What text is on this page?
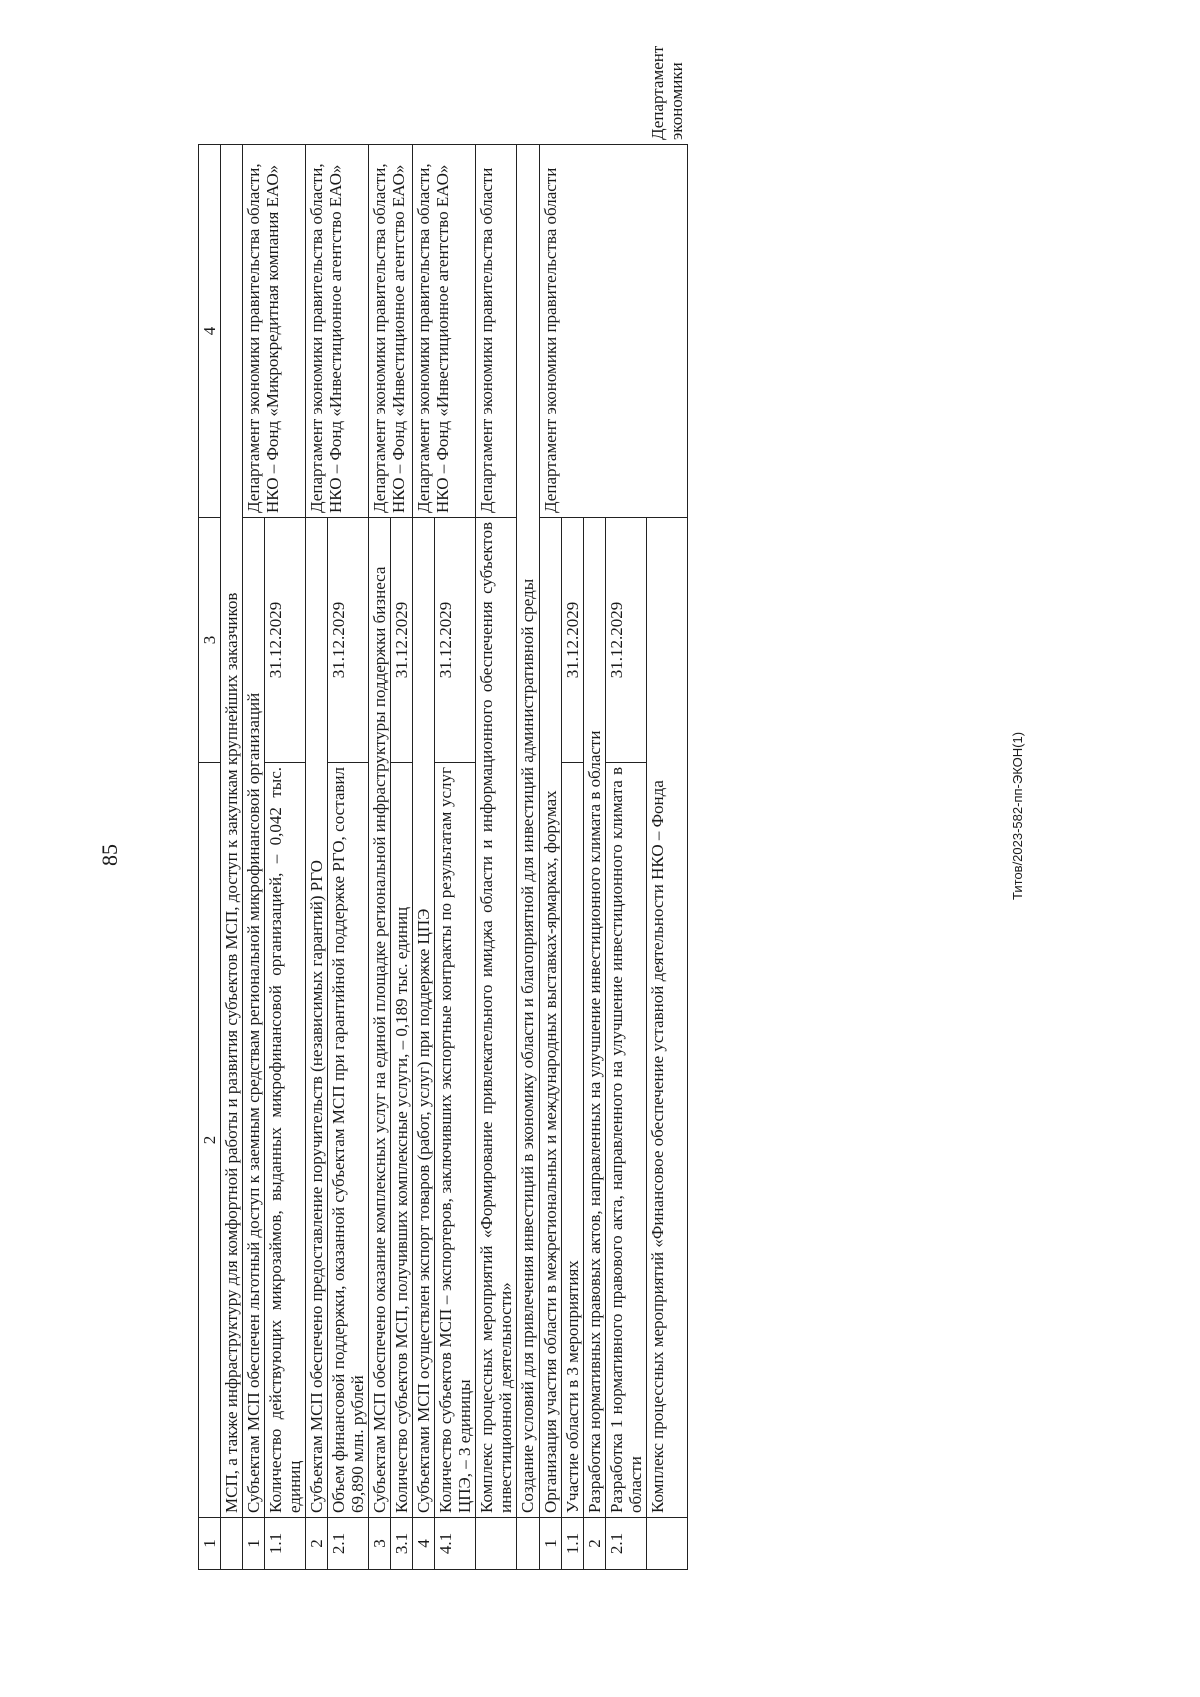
85	Титов/2023-582-пп-ЭКОН(1)
1	2	3	4	
	МСП, а также инфраструктуру для комфортной работы и развития субъектов МСП, доступ к закупкам крупнейших заказчиков			
1	Субъектам МСП обеспечен льготный доступ к заемным средствам региональной микрофинансовой организаций		Департамент экономики правительства области, НКО – Фонд «Микрокредитная компания ЕАО»	
1.1	Количество действующих микрозаймов, выданных микрофинансовой организацией, – 0,042 тыс. единиц	31.12.2029		
2	Субъектам МСП обеспечено предоставление поручительств (независимых гарантий) РГО		Департамент экономики правительства области, НКО – Фонд «Инвестиционное агентство ЕАО»	
2.1	Объем финансовой поддержки, оказанной субъектам МСП при гарантийной поддержке РГО, составил 69,890 млн. рублей	31.12.2029		
3	Субъектам МСП обеспечено оказание комплексных услуг на единой площадке региональной инфраструктуры поддержки бизнеса		Департамент экономики правительства области, НКО – Фонд «Инвестиционное агентство ЕАО»	
3.1	Количество субъектов МСП, получивших комплексные услуги, – 0,189 тыс. единиц	31.12.2029		
4	Субъектами МСП осуществлен экспорт товаров (работ, услуг) при поддержке ЦПЭ		Департамент экономики правительства области, НКО – Фонд «Инвестиционное агентство ЕАО»	
4.1	Количество субъектов МСП – экспортеров, заключивших экспортные контракты по результатам услуг ЦПЭ, – 3 единицы	31.12.2029		
	Комплекс процессных мероприятий «Формирование привлекательного имиджа области и информационного обеспечения субъектов инвестиционной деятельности»		Департамент экономики правительства области	
	Создание условий для привлечения инвестиций в экономику области и благоприятной для инвестиций административной среды			
1	Организация участия области в межрегиональных и международных выставках-ярмарках, форумах		Департамент экономики правительства области	
1.1	Участие области в 3 мероприятиях	31.12.2029		
2	Разработка нормативных правовых актов, направленных на улучшение инвестиционного климата в области			
2.1	Разработка 1 нормативного правового акта, направленного на улучшение инвестиционного климата в области	31.12.2029		
	Комплекс процессных мероприятий «Финансовое обеспечение уставной деятельности НКО – Фонда			Департамент экономики
